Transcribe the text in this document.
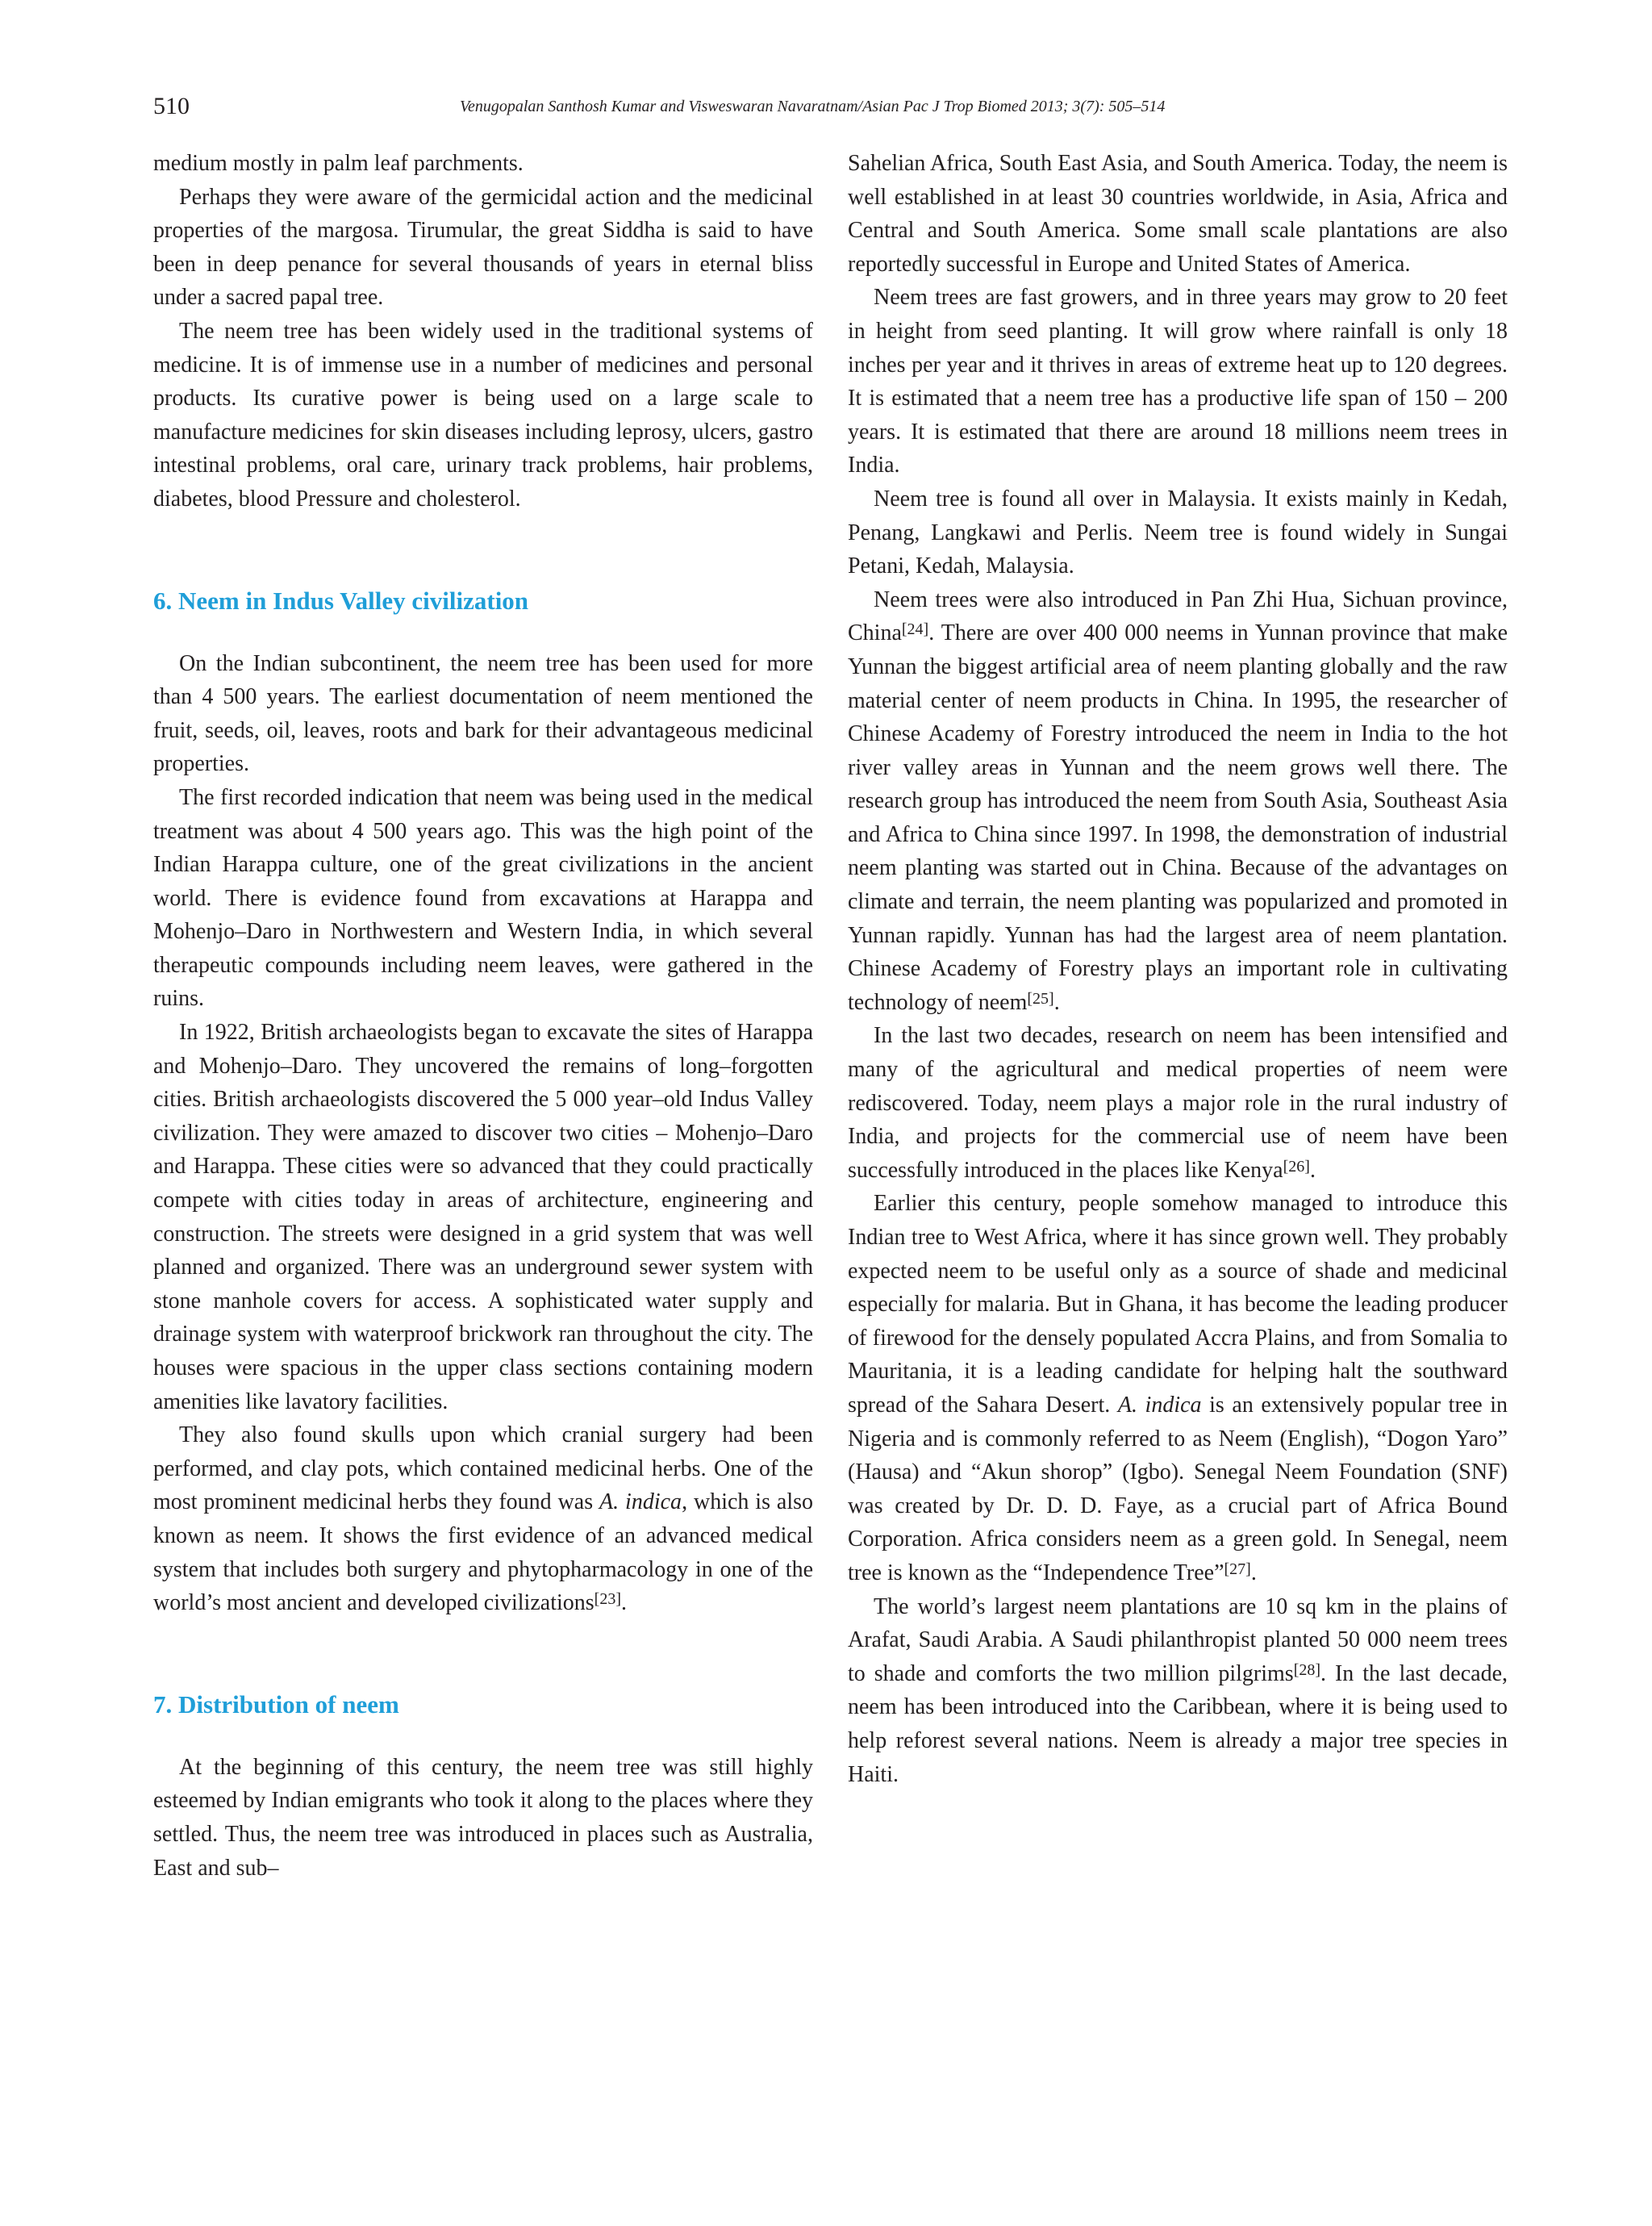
510	Venugopalan Santhosh Kumar and Visweswaran Navaratnam/Asian Pac J Trop Biomed 2013; 3(7): 505–514

medium mostly in palm leaf parchments.

Perhaps they were aware of the germicidal action and the medicinal properties of the margosa. Tirumular, the great Siddha is said to have been in deep penance for several thousands of years in eternal bliss under a sacred papal tree.

The neem tree has been widely used in the traditional systems of medicine. It is of immense use in a number of medicines and personal products. Its curative power is being used on a large scale to manufacture medicines for skin diseases including leprosy, ulcers, gastro intestinal problems, oral care, urinary track problems, hair problems, diabetes, blood Pressure and cholesterol.

6. Neem in Indus Valley civilization

On the Indian subcontinent, the neem tree has been used for more than 4 500 years. The earliest documentation of neem mentioned the fruit, seeds, oil, leaves, roots and bark for their advantageous medicinal properties.

The first recorded indication that neem was being used in the medical treatment was about 4 500 years ago. This was the high point of the Indian Harappa culture, one of the great civilizations in the ancient world. There is evidence found from excavations at Harappa and Mohenjo–Daro in Northwestern and Western India, in which several therapeutic compounds including neem leaves, were gathered in the ruins.

In 1922, British archaeologists began to excavate the sites of Harappa and Mohenjo–Daro. They uncovered the remains of long–forgotten cities. British archaeologists discovered the 5 000 year–old Indus Valley civilization. They were amazed to discover two cities – Mohenjo–Daro and Harappa. These cities were so advanced that they could practically compete with cities today in areas of architecture, engineering and construction. The streets were designed in a grid system that was well planned and organized. There was an underground sewer system with stone manhole covers for access. A sophisticated water supply and drainage system with waterproof brickwork ran throughout the city. The houses were spacious in the upper class sections containing modern amenities like lavatory facilities.

They also found skulls upon which cranial surgery had been performed, and clay pots, which contained medicinal herbs. One of the most prominent medicinal herbs they found was A. indica, which is also known as neem. It shows the first evidence of an advanced medical system that includes both surgery and phytopharmacology in one of the world’s most ancient and developed civilizations[23].

7. Distribution of neem

At the beginning of this century, the neem tree was still highly esteemed by Indian emigrants who took it along to the places where they settled. Thus, the neem tree was introduced in places such as Australia, East and sub–

Sahelian Africa, South East Asia, and South America. Today, the neem is well established in at least 30 countries worldwide, in Asia, Africa and Central and South America. Some small scale plantations are also reportedly successful in Europe and United States of America.

Neem trees are fast growers, and in three years may grow to 20 feet in height from seed planting. It will grow where rainfall is only 18 inches per year and it thrives in areas of extreme heat up to 120 degrees. It is estimated that a neem tree has a productive life span of 150 – 200 years. It is estimated that there are around 18 millions neem trees in India.

Neem tree is found all over in Malaysia. It exists mainly in Kedah, Penang, Langkawi and Perlis. Neem tree is found widely in Sungai Petani, Kedah, Malaysia.

Neem trees were also introduced in Pan Zhi Hua, Sichuan province, China[24]. There are over 400 000 neems in Yunnan province that make Yunnan the biggest artificial area of neem planting globally and the raw material center of neem products in China. In 1995, the researcher of Chinese Academy of Forestry introduced the neem in India to the hot river valley areas in Yunnan and the neem grows well there. The research group has introduced the neem from South Asia, Southeast Asia and Africa to China since 1997. In 1998, the demonstration of industrial neem planting was started out in China. Because of the advantages on climate and terrain, the neem planting was popularized and promoted in Yunnan rapidly. Yunnan has had the largest area of neem plantation. Chinese Academy of Forestry plays an important role in cultivating technology of neem[25].

In the last two decades, research on neem has been intensified and many of the agricultural and medical properties of neem were rediscovered. Today, neem plays a major role in the rural industry of India, and projects for the commercial use of neem have been successfully introduced in the places like Kenya[26].

Earlier this century, people somehow managed to introduce this Indian tree to West Africa, where it has since grown well. They probably expected neem to be useful only as a source of shade and medicinal especially for malaria. But in Ghana, it has become the leading producer of firewood for the densely populated Accra Plains, and from Somalia to Mauritania, it is a leading candidate for helping halt the southward spread of the Sahara Desert. A. indica is an extensively popular tree in Nigeria and is commonly referred to as Neem (English), “Dogon Yaro” (Hausa) and “Akun shorop” (Igbo). Senegal Neem Foundation (SNF) was created by Dr. D. D. Faye, as a crucial part of Africa Bound Corporation. Africa considers neem as a green gold. In Senegal, neem tree is known as the “Independence Tree”[27].

The world’s largest neem plantations are 10 sq km in the plains of Arafat, Saudi Arabia. A Saudi philanthropist planted 50 000 neem trees to shade and comforts the two million pilgrims[28]. In the last decade, neem has been introduced into the Caribbean, where it is being used to help reforest several nations. Neem is already a major tree species in Haiti.
